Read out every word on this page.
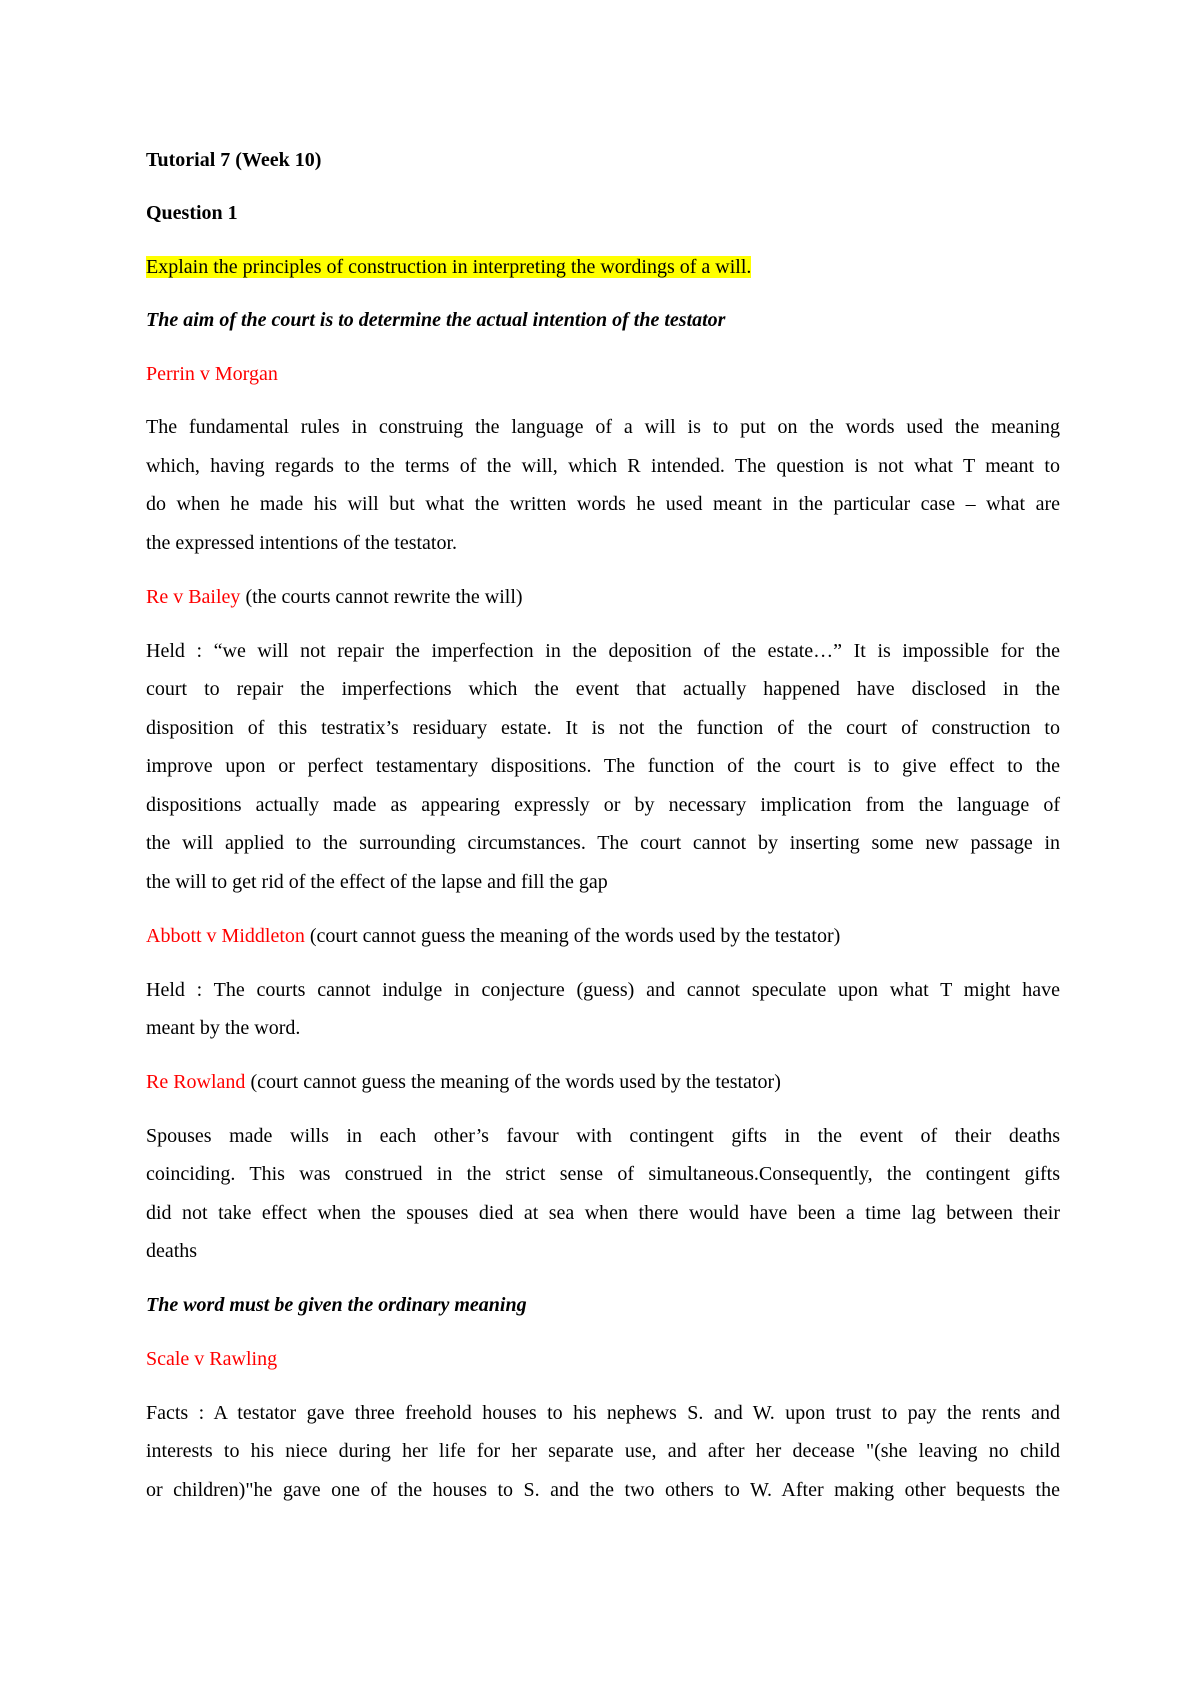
Tutorial 7 (Week 10)
Question 1
Explain the principles of construction in interpreting the wordings of a will.
The aim of the court is to determine the actual intention of the testator
Perrin v Morgan
The fundamental rules in construing the language of a will is to put on the words used the meaning
which, having regards to the terms of the will, which R intended. The question is not what T meant to
do when he made his will but what the written words he used meant in the particular case – what are
the expressed intentions of the testator.
Re v Bailey (the courts cannot rewrite the will)
Held : “we will not repair the imperfection in the deposition of the estate…” It is impossible for the
court to repair the imperfections which the event that actually happened have disclosed in the
disposition of this testratix’s residuary estate. It is not the function of the court of construction to
improve upon or perfect testamentary dispositions. The function of the court is to give effect to the
dispositions actually made as appearing expressly or by necessary implication from the language of
the will applied to the surrounding circumstances. The court cannot by inserting some new passage in
the will to get rid of the effect of the lapse and fill the gap
Abbott v Middleton (court cannot guess the meaning of the words used by the testator)
Held : The courts cannot indulge in conjecture (guess) and cannot speculate upon what T might have
meant by the word.
Re Rowland (court cannot guess the meaning of the words used by the testator)
Spouses made wills in each other’s favour with contingent gifts in the event of their deaths
coinciding. This was construed in the strict sense of simultaneous.Consequently, the contingent gifts
did not take effect when the spouses died at sea when there would have been a time lag between their
deaths
The word must be given the ordinary meaning
Scale v Rawling
Facts : A testator gave three freehold houses to his nephews S. and W. upon trust to pay the rents and
interests to his niece during her life for her separate use, and after her decease "(she leaving no child
or children)"he gave one of the houses to S. and the two others to W. After making other bequests the
